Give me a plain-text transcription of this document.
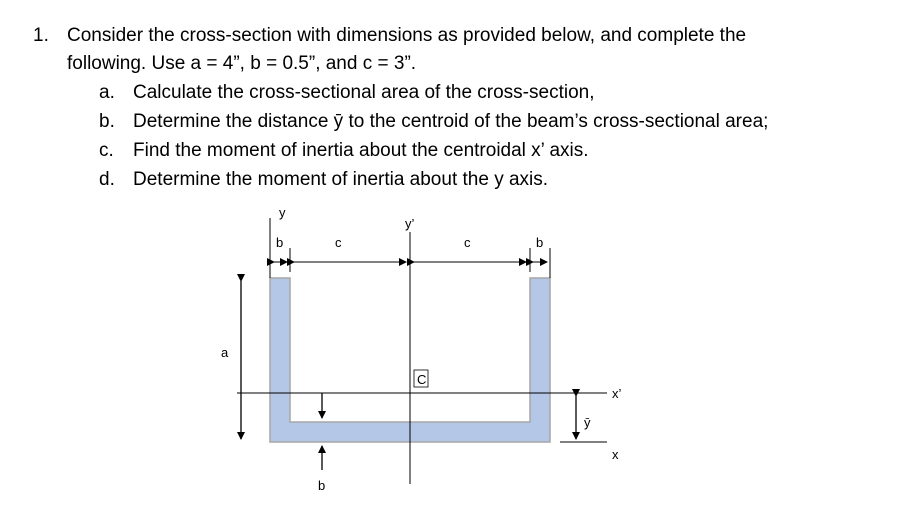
1. Consider the cross-section with dimensions as provided below, and complete the
following. Use a = 4”, b = 0.5”, and c = 3”.
a. Calculate the cross-sectional area of the cross-section,
b. Determine the distance ȳ to the centroid of the beam’s cross-sectional area;
c. Find the moment of inertia about the centroidal x’ axis.
d. Determine the moment of inertia about the y axis.
y
y’
b	c	c	b
a
C
ȳ
x’
x
b
